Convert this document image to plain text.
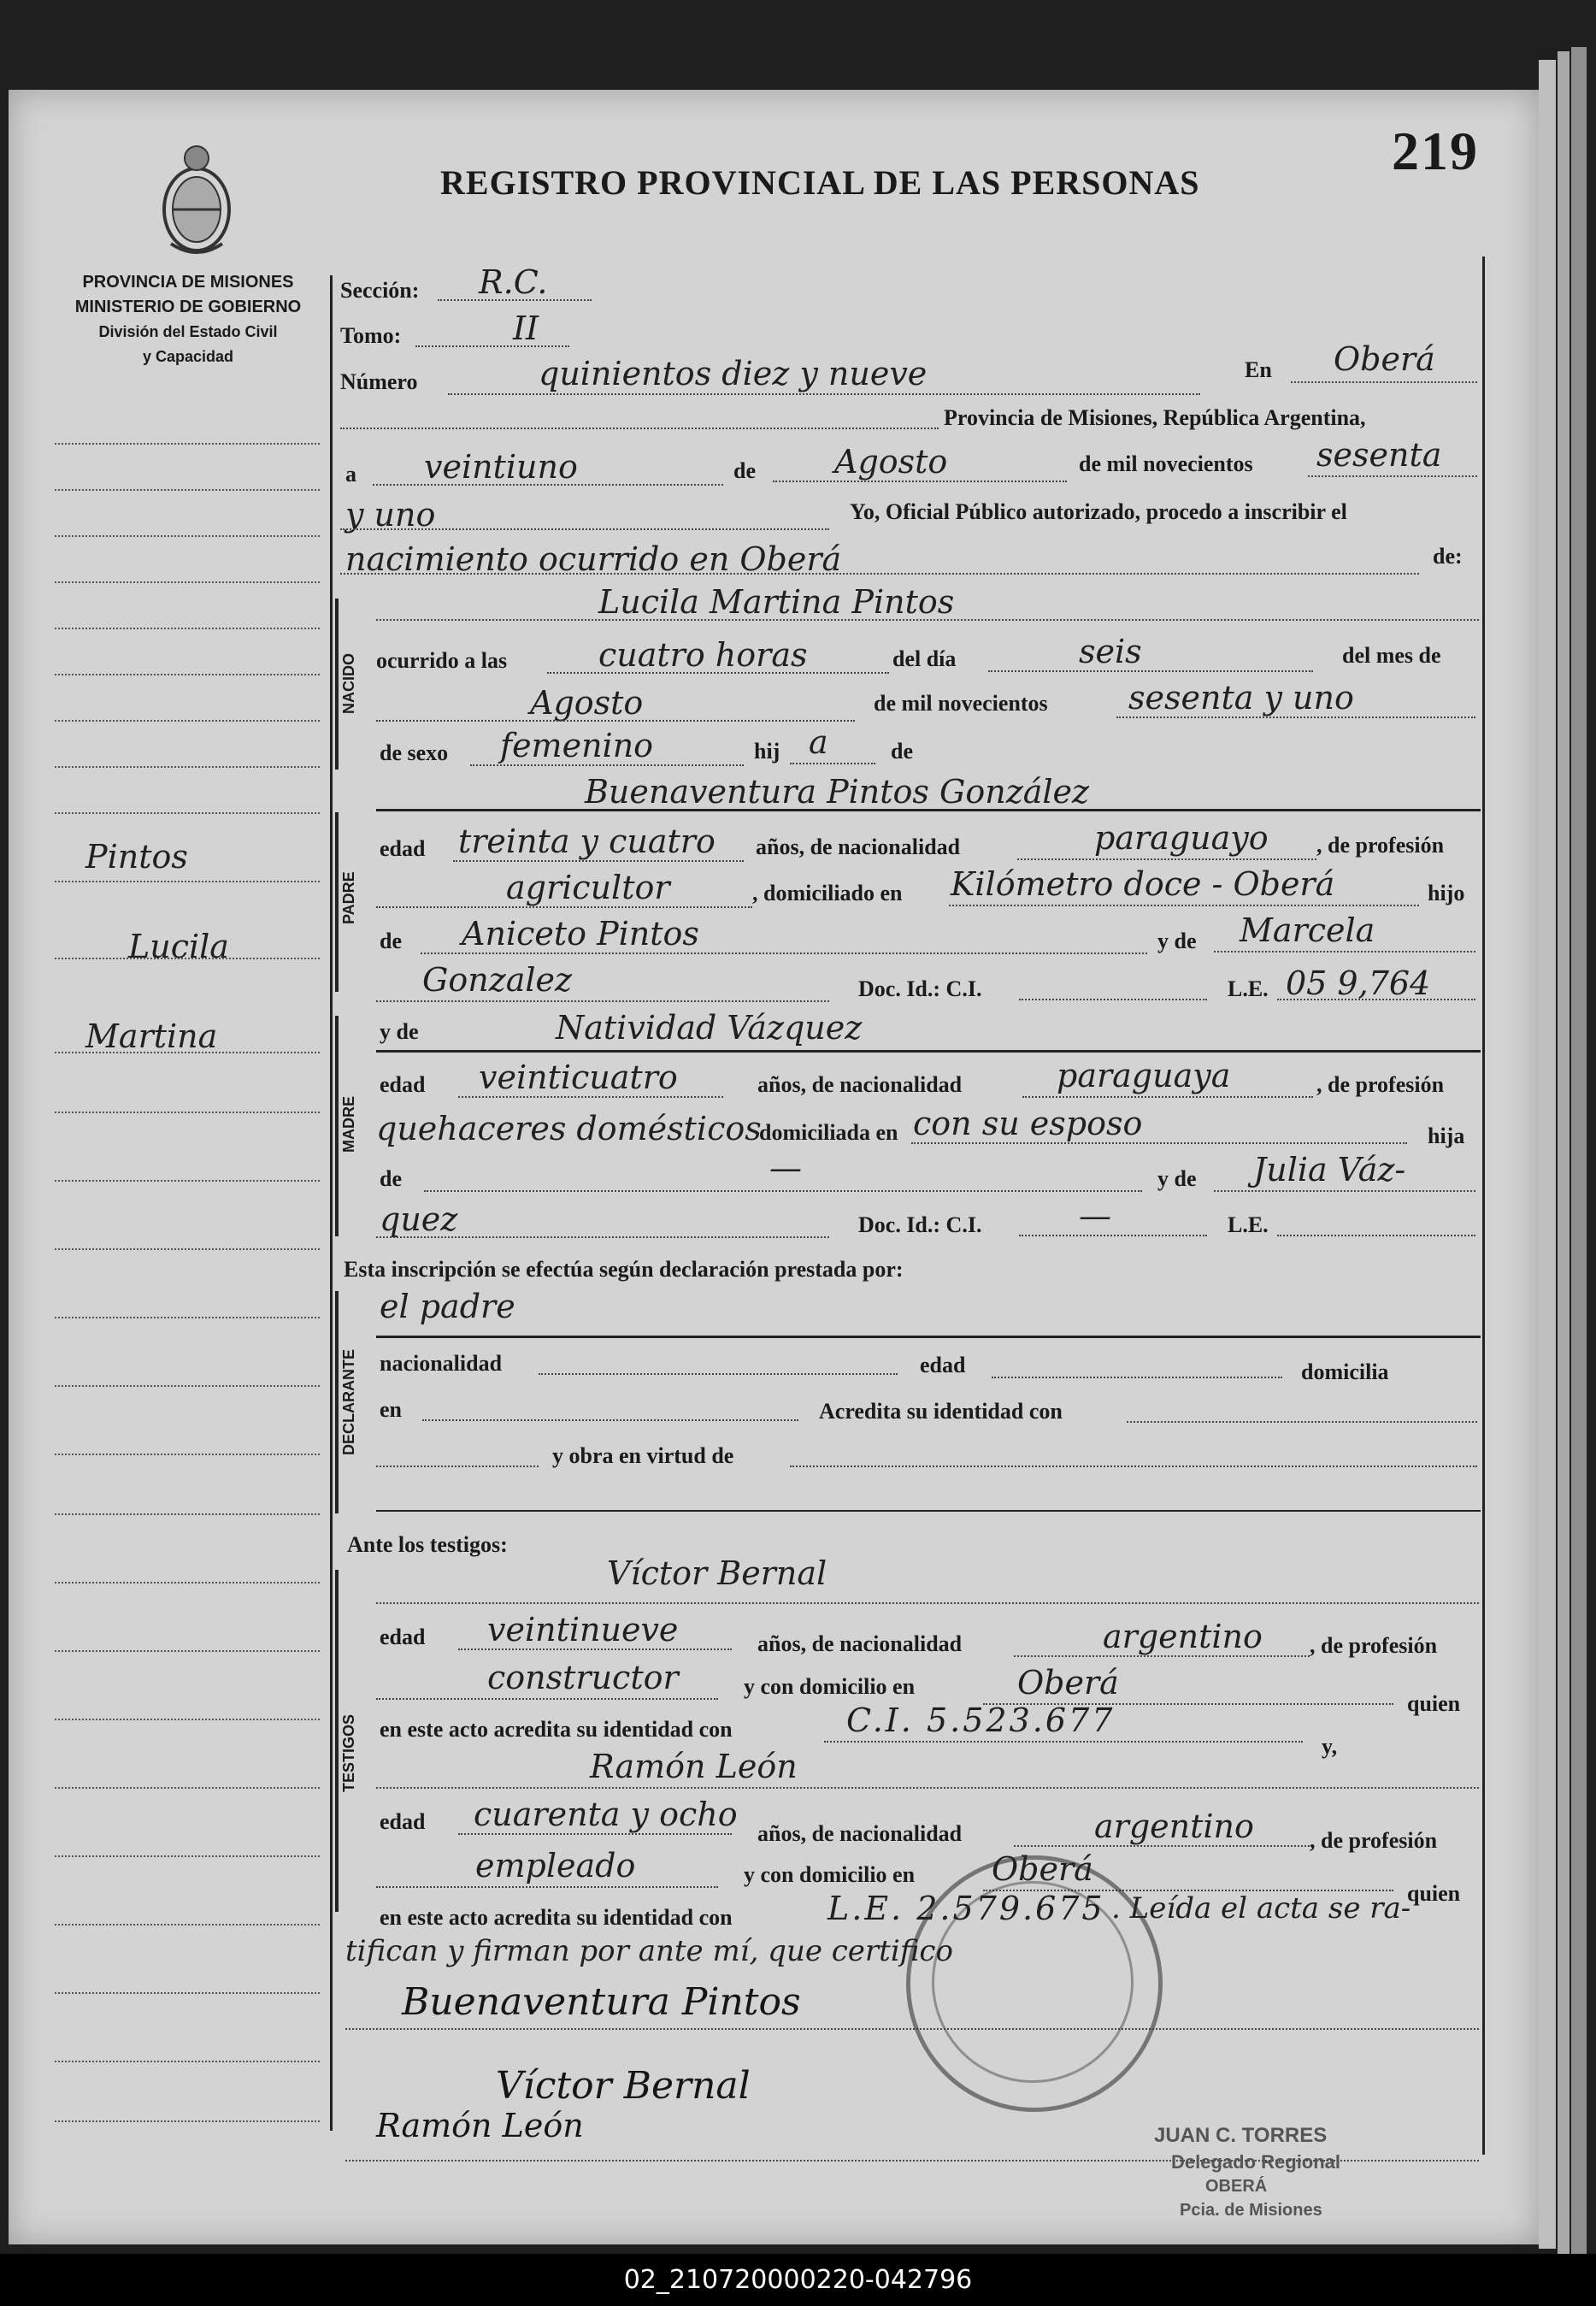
219
REGISTRO PROVINCIAL DE LAS PERSONAS
PROVINCIA DE MISIONES
MINISTERIO DE GOBIERNO
División del Estado Civil
y Capacidad
Pintos
Lucila
Martina
Sección: R.C.
Tomo:	II
Número	quinientos diez y nueve	En Oberá
Provincia de Misiones, República Argentina,
a veintiuno	de Agosto	de mil novecientos sesenta
y uno	Yo, Oficial Público autorizado, procedo a inscribir el
nacimiento ocurrido en Oberá	de:
NACIDO
Lucila Martina Pintos
ocurrido a las	cuatro horas	del día	seis	del mes de
Agosto	de mil novecientos sesenta y uno
de sexo femenino	hij a	de
PADRE
Buenaventura Pintos González
edad treinta y cuatro años, de nacionalidad	paraguayo , de profesión
agricultor	, domiciliado en Kilómetro doce - Oberá	hijo
de Aniceto Pintos	y de Marcela
Gonzalez	Doc. Id.: C.I.	L.E. 05 9,764
MADRE
y de	Natividad Vázquez
edad veinticuatro	años, de nacionalidad	paraguaya	, de profesión
quehaceres domésticos
domiciliada en con su esposo	hija
de	—	y de Julia Váz-
quez	Doc. Id.: C.I.	—	L.E.
Esta inscripción se efectúa según declaración prestada por:
DECLARANTE
el padre
nacionalidad	edad	domicilia
en	Acredita su identidad con
y obra en virtud de
Ante los testigos:
TESTIGOS
Víctor Bernal
edad veintinueve	años, de nacionalidad	argentino , de profesión
constructor	y con domicilio en	Oberá
quien
en este acto acredita su identidad con	C.I. 5.523.677
y,
Ramón León
edad cuarenta y ocho
años, de nacionalidad	argentino	, de profesión
empleado	y con domicilio en Oberá
quien
en este acto acredita su identidad con	L.E. 2.579.675 . Leída el acta se ra-
tifican y firman por ante mí, que certifico
Buenaventura Pintos
Víctor Bernal
Ramón León	JUAN C. TORRES
Delegado Regional
OBERÁ
Pcia. de Misiones
02_210720000220-042796
